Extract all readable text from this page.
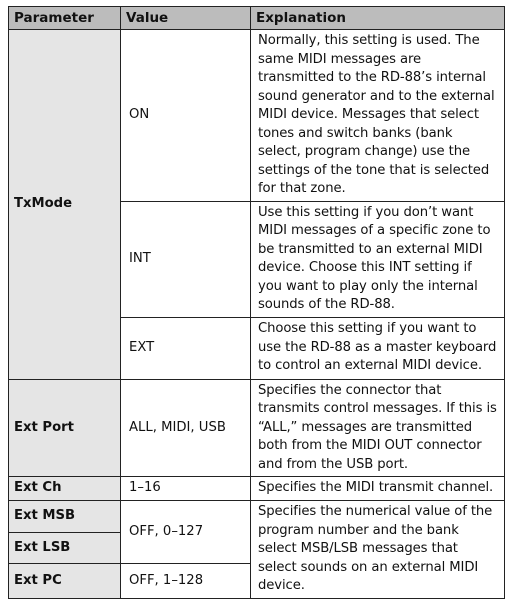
Parameter	Value	Explanation
TxMode	ON	Normally, this setting is used. The same MIDI messages are transmitted to the RD-88’s internal sound generator and to the external MIDI device. Messages that select tones and switch banks (bank select, program change) use the settings of the tone that is selected for that zone.
	INT	Use this setting if you don’t want MIDI messages of a specific zone to be transmitted to an external MIDI device. Choose this INT setting if you want to play only the internal sounds of the RD-88.
	EXT	Choose this setting if you want to use the RD-88 as a master keyboard to control an external MIDI device.
Ext Port	ALL, MIDI, USB	Specifies the connector that transmits control messages. If this is “ALL,” messages are transmitted both from the MIDI OUT connector and from the USB port.
Ext Ch	1–16	Specifies the MIDI transmit channel.
Ext MSB	OFF, 0–127	Specifies the numerical value of the program number and the bank select MSB/LSB messages that select sounds on an external MIDI device.
Ext LSB		
Ext PC	OFF, 1–128	
